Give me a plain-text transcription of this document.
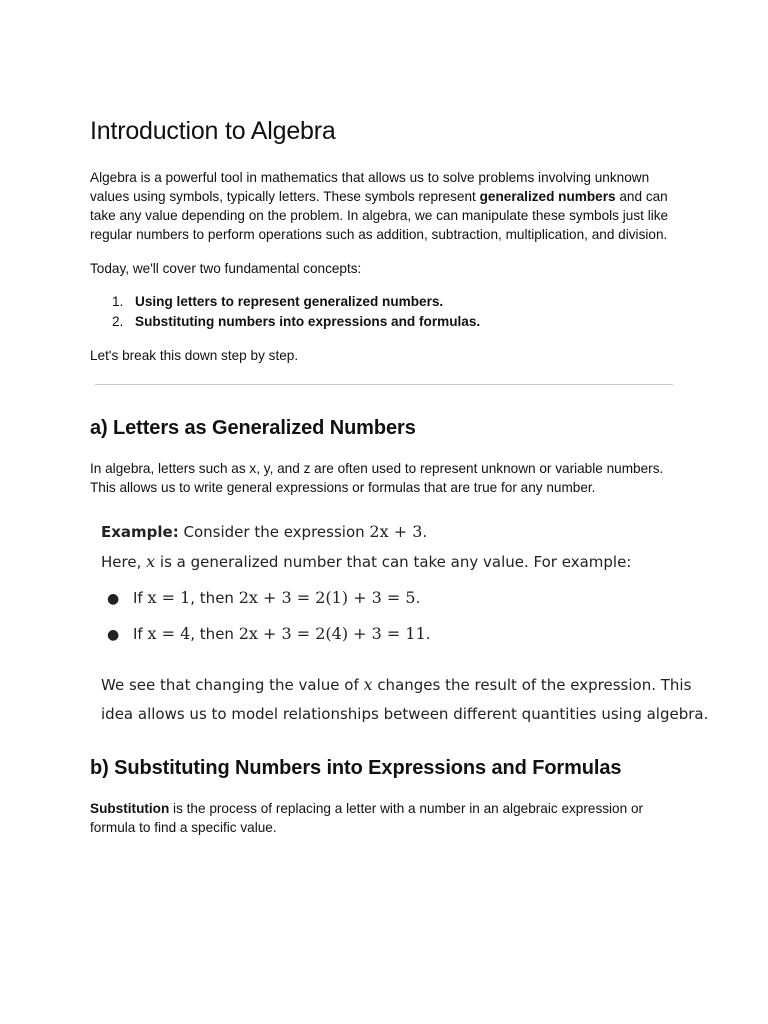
Introduction to Algebra

Algebra is a powerful tool in mathematics that allows us to solve problems involving unknown values using symbols, typically letters. These symbols represent generalized numbers and can take any value depending on the problem. In algebra, we can manipulate these symbols just like regular numbers to perform operations such as addition, subtraction, multiplication, and division.

Today, we'll cover two fundamental concepts:

1. Using letters to represent generalized numbers.
2. Substituting numbers into expressions and formulas.

Let's break this down step by step.

a) Letters as Generalized Numbers

In algebra, letters such as x, y, and z are often used to represent unknown or variable numbers. This allows us to write general expressions or formulas that are true for any number.

Example: Consider the expression 2x + 3.
Here, x is a generalized number that can take any value. For example:
● If x = 1, then 2x + 3 = 2(1) + 3 = 5.
● If x = 4, then 2x + 3 = 2(4) + 3 = 11.
We see that changing the value of x changes the result of the expression. This
idea allows us to model relationships between different quantities using algebra.
b) Substituting Numbers into Expressions and Formulas

Substitution is the process of replacing a letter with a number in an algebraic expression or formula to find a specific value.
